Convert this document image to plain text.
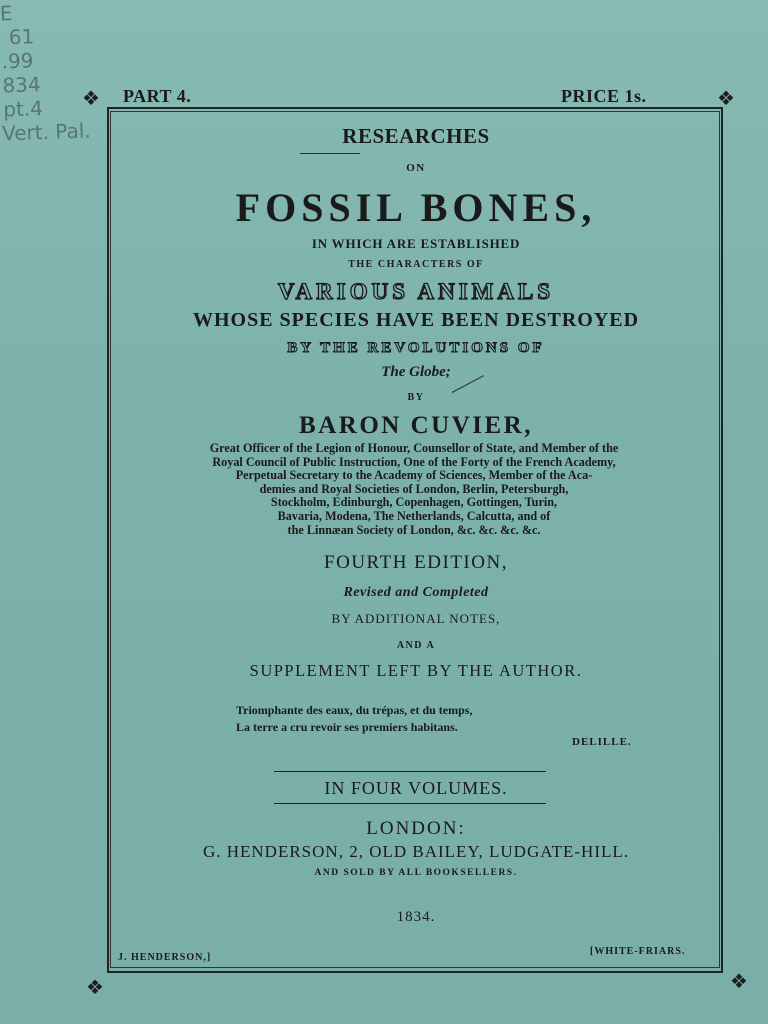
E
61
.99
834
pt.4
Vert. Pal.
❖ PART 4.	PRICE 1s.	❖
RESEARCHES
ON
FOSSIL BONES,
IN WHICH ARE ESTABLISHED
THE CHARACTERS OF
VARIOUS ANIMALS
WHOSE SPECIES HAVE BEEN DESTROYED
BY THE REVOLUTIONS OF
The Globe;
BY
BARON CUVIER,
Great Officer of the Legion of Honour, Counsellor of State, and Member of the
Royal Council of Public Instruction, One of the Forty of the French Academy,
Perpetual Secretary to the Academy of Sciences, Member of the Aca-
demies and Royal Societies of London, Berlin, Petersburgh,
Stockholm, Edinburgh, Copenhagen, Gottingen, Turin,
Bavaria, Modena, The Netherlands, Calcutta, and of
the Linnæan Society of London, &c. &c. &c. &c.
FOURTH EDITION,
Revised and Completed
BY ADDITIONAL NOTES,
AND A
SUPPLEMENT LEFT BY THE AUTHOR.
Triomphante des eaux, du trépas, et du temps,
La terre a cru revoir ses premiers habitans.
DELILLE.
IN FOUR VOLUMES.
LONDON:
G. HENDERSON, 2, OLD BAILEY, LUDGATE-HILL.
AND SOLD BY ALL BOOKSELLERS.
1834.
J. HENDERSON,]
[WHITE-FRIARS.
❖	❖
